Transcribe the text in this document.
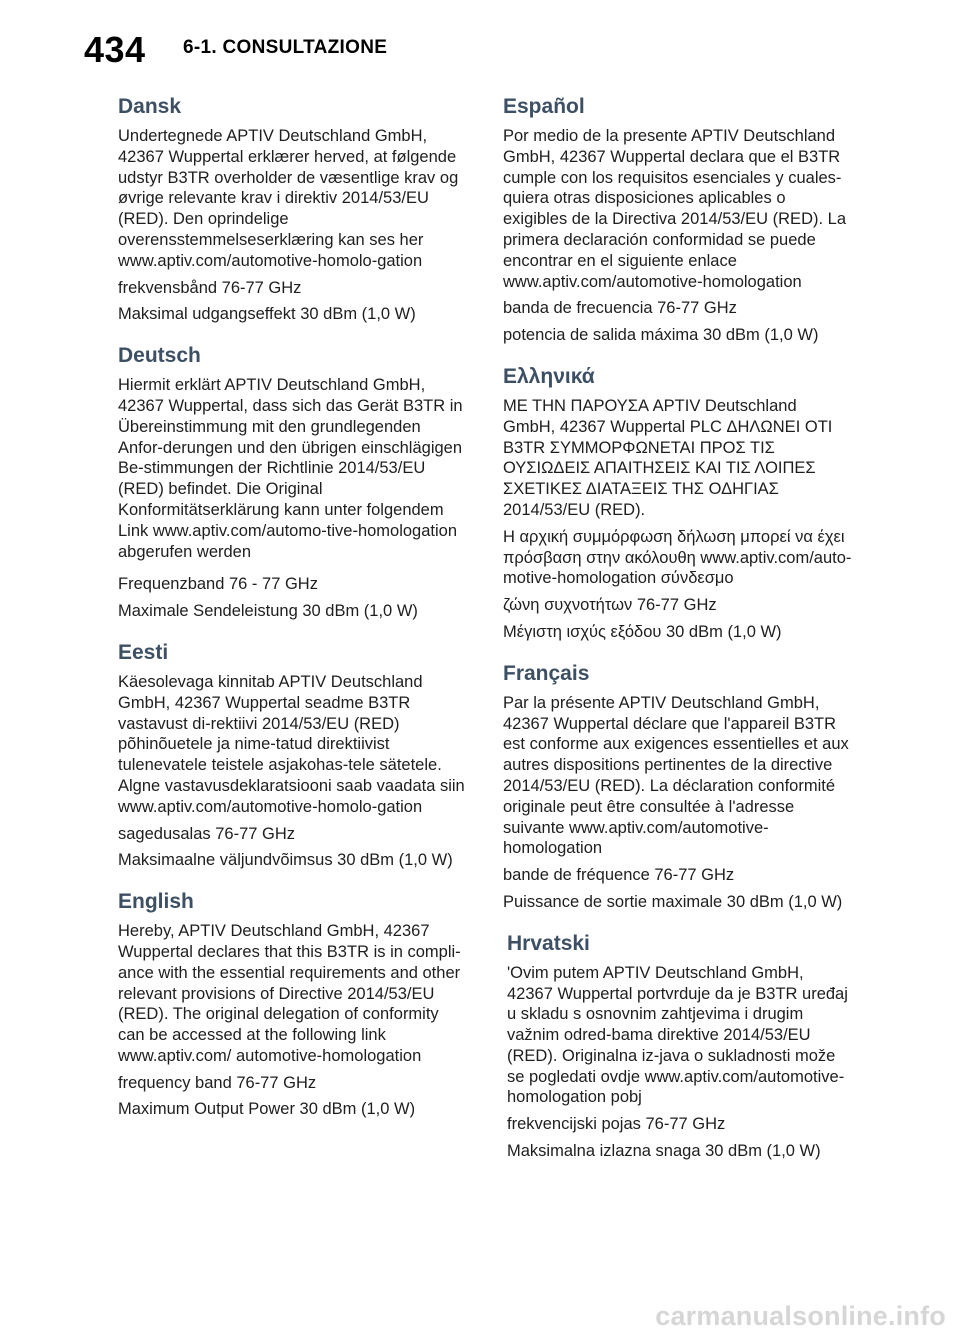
434 6-1. CONSULTAZIONE
Dansk

Undertegnede APTIV Deutschland GmbH, 42367 Wuppertal erklærer herved, at følgende udstyr B3TR overholder de væsentlige krav og øvrige relevante krav i direktiv 2014/53/EU (RED). Den oprindelige overensstemmelseserklæring kan ses her www.aptiv.com/automotive-homolo-gation

frekvensbånd 76-77 GHz

Maksimal udgangseffekt 30 dBm (1,0 W)

Deutsch

Hiermit erklärt APTIV Deutschland GmbH, 42367 Wuppertal, dass sich das Gerät B3TR in Übereinstimmung mit den grundlegenden Anfor-derungen und den übrigen einschlägigen Be-stimmungen der Richtlinie 2014/53/EU (RED) befindet. Die Original Konformitätserklärung kann unter folgendem Link www.aptiv.com/automo-tive-homologation abgerufen werden

Frequenzband 76 - 77 GHz

Maximale Sendeleistung 30 dBm (1,0 W)

Eesti

Käesolevaga kinnitab APTIV Deutschland GmbH, 42367 Wuppertal seadme B3TR vastavust di-rektiivi 2014/53/EU (RED) põhinõuetele ja nime-tatud direktiivist tulenevatele teistele asjakohas-tele sätetele. Algne vastavusdeklaratsiooni saab vaadata siin www.aptiv.com/automotive-homolo-gation

sagedusalas 76-77 GHz

Maksimaalne väljundvõimsus 30 dBm (1,0 W)

English

Hereby, APTIV Deutschland GmbH, 42367 Wuppertal declares that this B3TR is in compli-ance with the essential requirements and other relevant provisions of Directive 2014/53/EU (RED). The original delegation of conformity can be accessed at the following link www.aptiv.com/ automotive-homologation

frequency band 76-77 GHz

Maximum Output Power 30 dBm (1,0 W)

Español

Por medio de la presente APTIV Deutschland GmbH, 42367 Wuppertal declara que el B3TR cumple con los requisitos esenciales y cuales-quiera otras disposiciones aplicables o exigibles de la Directiva 2014/53/EU (RED). La primera declaración conformidad se puede encontrar en el siguiente enlace www.aptiv.com/automotive-homologation

banda de frecuencia 76-77 GHz

potencia de salida máxima 30 dBm (1,0 W)

Ελληνικά

ΜΕ ΤΗΝ ΠΑΡΟΥΣΑ APTIV Deutschland GmbH, 42367 Wuppertal PLC ΔΗΛΩΝΕΙ ΟΤΙ B3TR ΣΥΜΜΟΡΦΩΝΕΤΑΙ ΠΡΟΣ ΤΙΣ ΟΥΣΙΩΔΕΙΣ ΑΠΑΙΤΗΣΕΙΣ ΚΑΙ ΤΙΣ ΛΟΙΠΕΣ ΣΧΕΤΙΚΕΣ ΔΙΑΤΑΞΕΙΣ ΤΗΣ ΟΔΗΓΙΑΣ 2014/53/EU (RED).

Η αρχική συμμόρφωση δήλωση μπορεί να έχει πρόσβαση στην ακόλουθη www.aptiv.com/auto-motive-homologation σύνδεσμο

ζώνη συχνοτήτων 76-77 GHz

Μέγιστη ισχύς εξόδου 30 dBm (1,0 W)

Français

Par la présente APTIV Deutschland GmbH, 42367 Wuppertal déclare que l'appareil B3TR est conforme aux exigences essentielles et aux autres dispositions pertinentes de la directive 2014/53/EU (RED). La déclaration conformité originale peut être consultée à l'adresse suivante www.aptiv.com/automotive-homologation

bande de fréquence 76-77 GHz

Puissance de sortie maximale 30 dBm (1,0 W)

Hrvatski

'Ovim putem APTIV Deutschland GmbH, 42367 Wuppertal portvrduje da je B3TR uređaj u skladu s osnovnim zahtjevima i drugim važnim odred-bama direktive 2014/53/EU (RED). Originalna iz-java o sukladnosti može se pogledati ovdje www.aptiv.com/automotive-homologation pobj

frekvencijski pojas 76-77 GHz

Maksimalna izlazna snaga 30 dBm (1,0 W)

carmanualsonline.info
